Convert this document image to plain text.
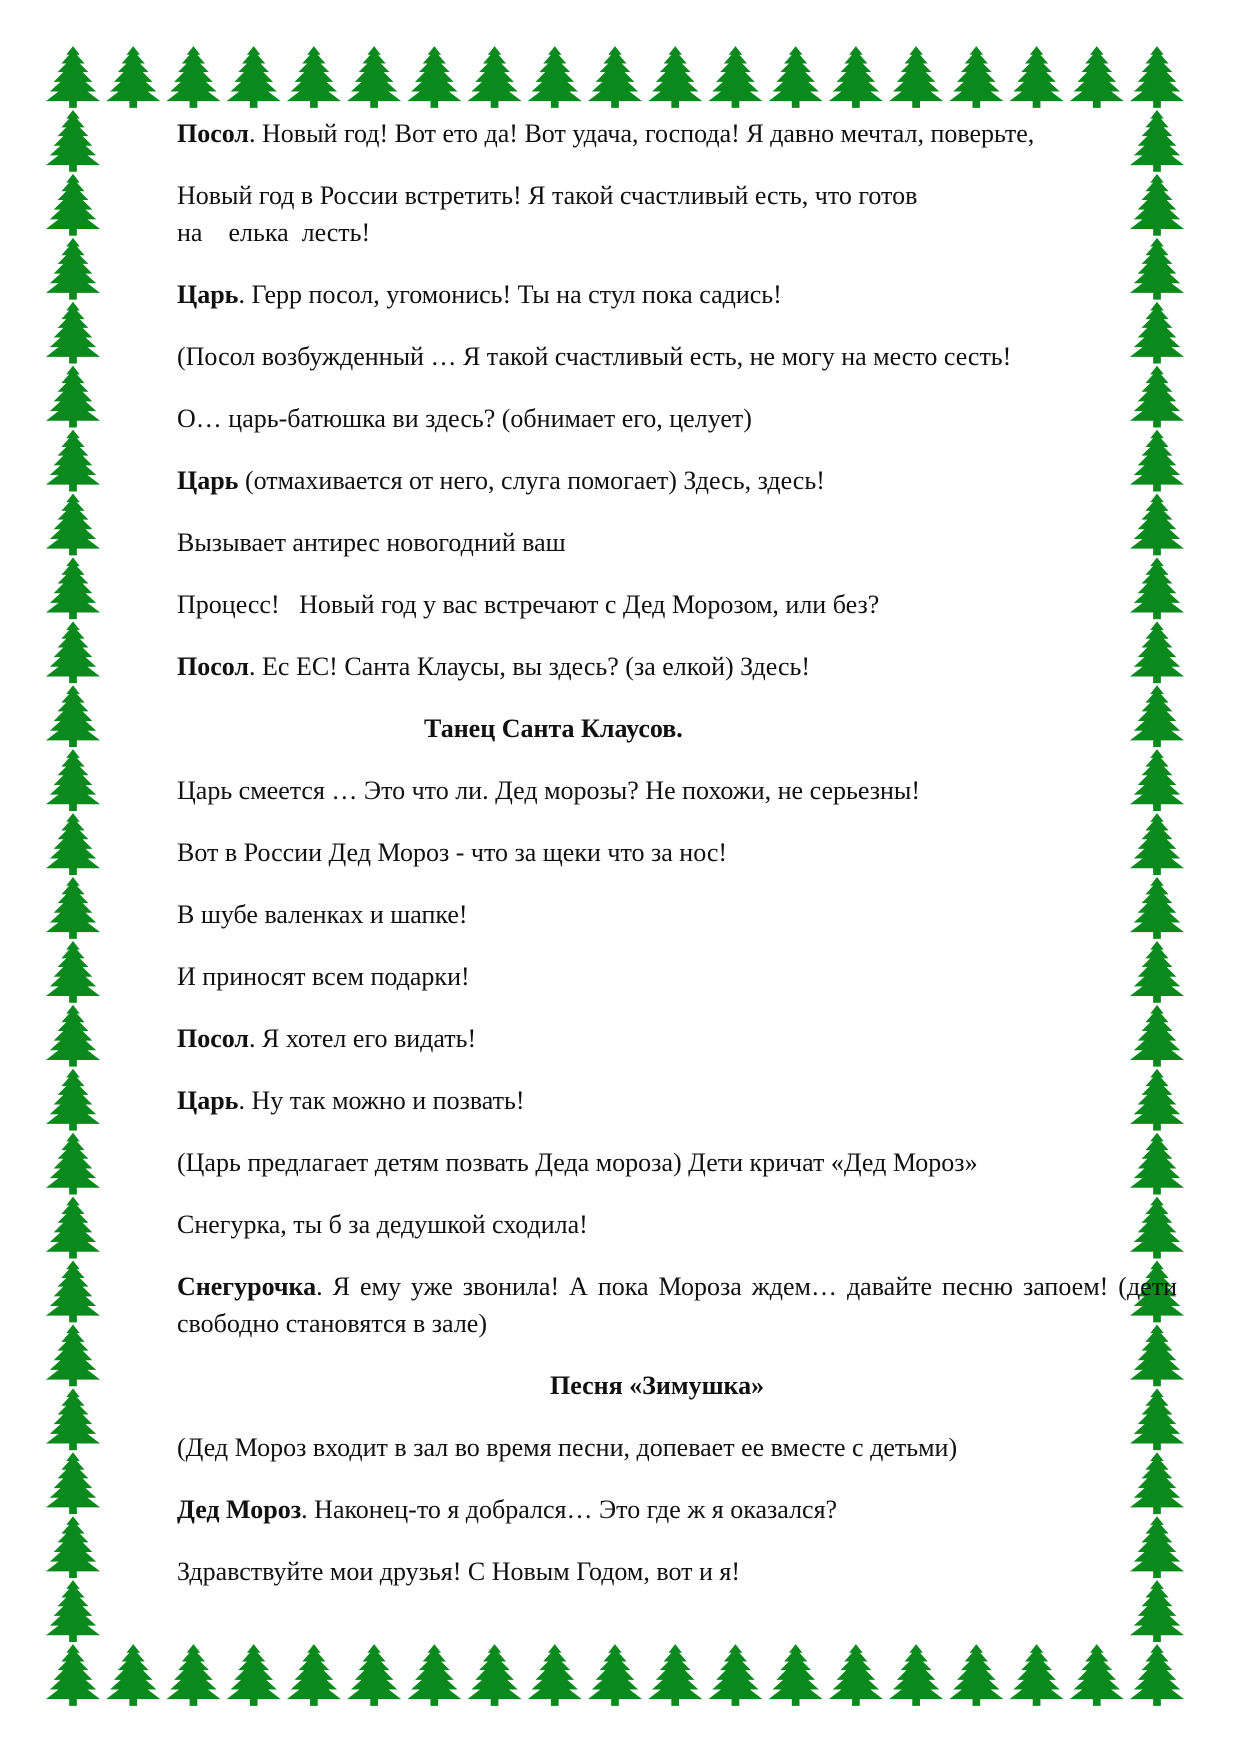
Посол. Новый год! Вот ето да! Вот удача, господа! Я давно мечтал, поверьте,

Новый год в России встретить! Я такой счастливый есть, что готов

на    елька  лесть!

Царь. Герр посол, угомонись! Ты на стул пока садись!

(Посол возбужденный … Я такой счастливый есть, не могу на место сесть!

О… царь-батюшка ви здесь? (обнимает его, целует)

Царь (отмахивается от него, слуга помогает) Здесь, здесь!

Вызывает антирес новогодний ваш

Процесс!   Новый год у вас встречают с Дед Морозом, или без?

Посол. Ес ЕС! Санта Клаусы, вы здесь? (за елкой) Здесь!

Танец Санта Клаусов.

Царь смеется … Это что ли. Дед морозы? Не похожи, не серьезны!

Вот в России Дед Мороз - что за щеки что за нос!

В шубе валенках и шапке!

И приносят всем подарки!

Посол. Я хотел его видать!

Царь. Ну так можно и позвать!

(Царь предлагает детям позвать Деда мороза) Дети кричат «Дед Мороз»

Снегурка, ты б за дедушкой сходила!

Снегурочка. Я ему уже звонила! А пока Мороза ждем… давайте песню запоем! (дети свободно становятся в зале)

Песня «Зимушка»

(Дед Мороз входит в зал во время песни, допевает ее вместе с детьми)

Дед Мороз. Наконец-то я добрался… Это где ж я оказался?

Здравствуйте мои друзья! С Новым Годом, вот и я!
